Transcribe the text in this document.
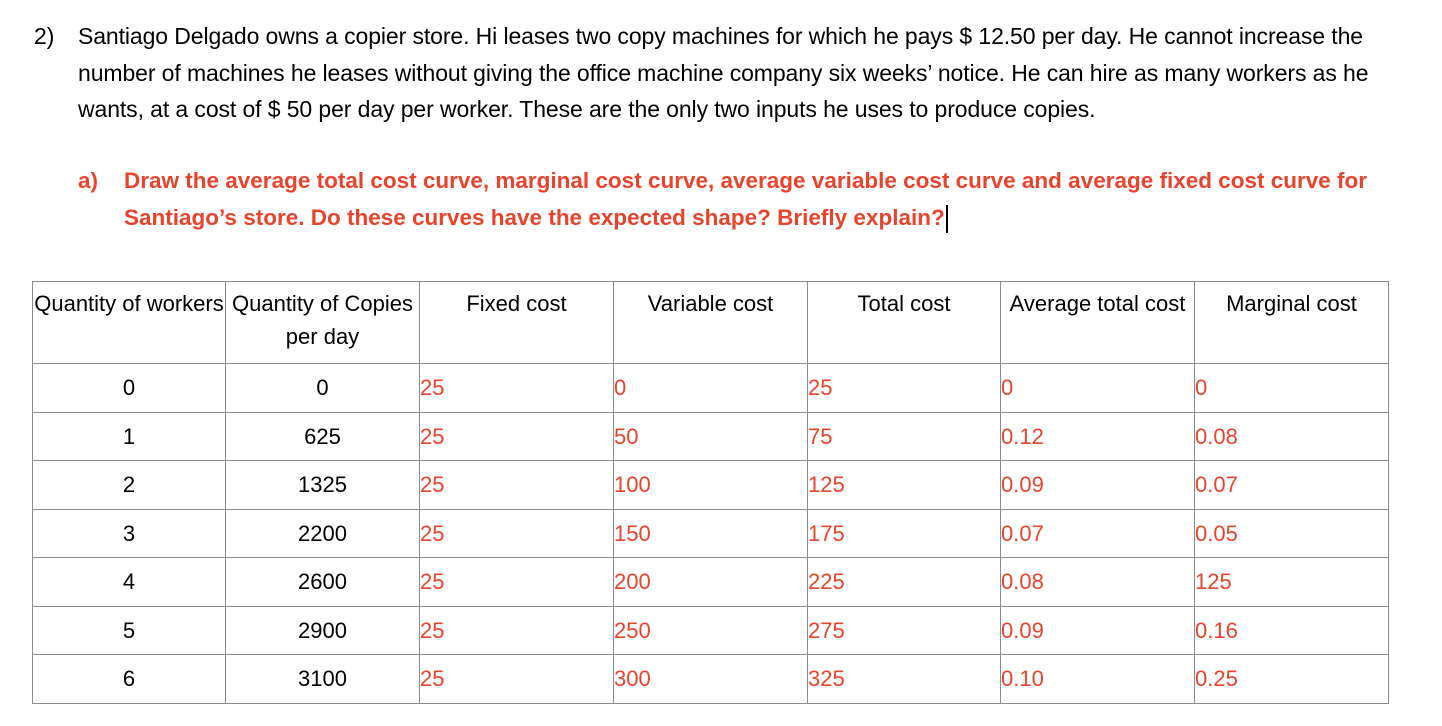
2) Santiago Delgado owns a copier store. Hi leases two copy machines for which he pays $ 12.50 per day. He cannot increase the number of machines he leases without giving the office machine company six weeks’ notice. He can hire as many workers as he wants, at a cost of $ 50 per day per worker. These are the only two inputs he uses to produce copies.
a) Draw the average total cost curve, marginal cost curve, average variable cost curve and average fixed cost curve for Santiago’s store. Do these curves have the expected shape? Briefly explain?
Quantity of workers	Quantity of Copies per day	Fixed cost	Variable cost	Total cost	Average total cost	Marginal cost
0	0	25	0	25	0	0
1	625	25	50	75	0.12	0.08
2	1325	25	100	125	0.09	0.07
3	2200	25	150	175	0.07	0.05
4	2600	25	200	225	0.08	125
5	2900	25	250	275	0.09	0.16
6	3100	25	300	325	0.10	0.25
